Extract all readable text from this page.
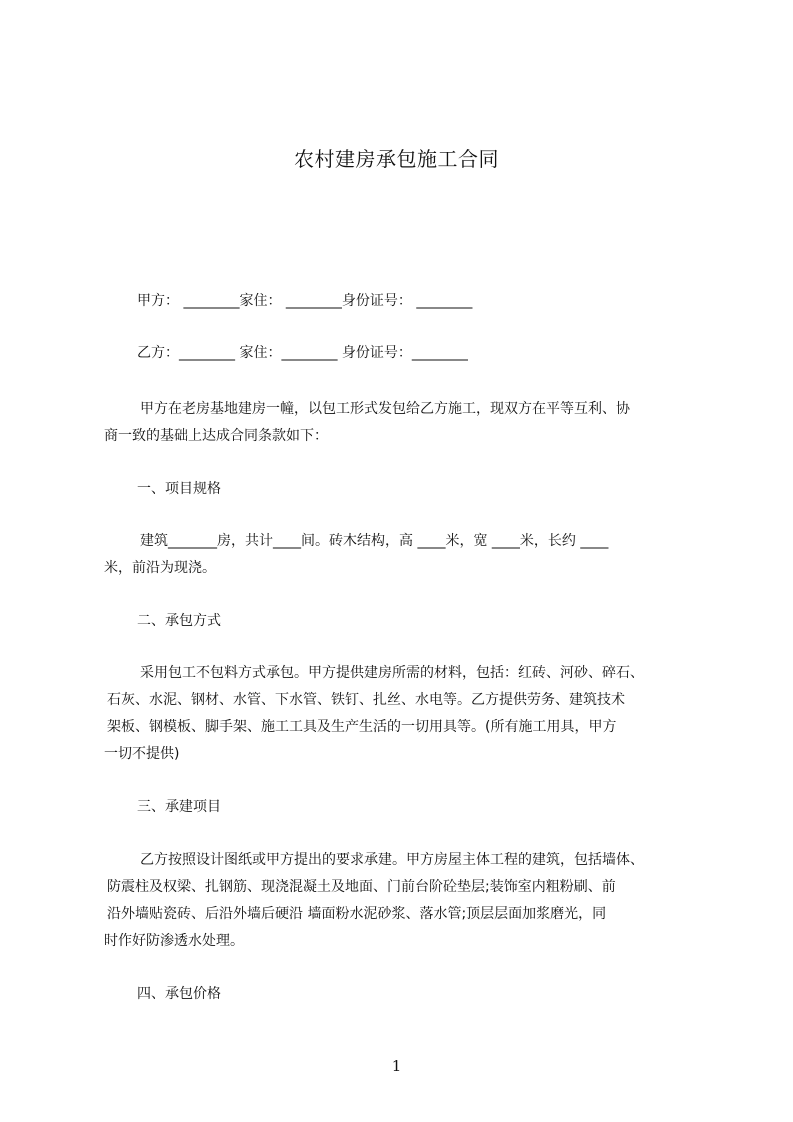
农村建房承包施工合同
甲方： ________家住： ________身份证号： ________
乙方：________ 家住：________ 身份证号：________
甲方在老房基地建房一幢，以包工形式发包给乙方施工，现双方在平等互利、协
商一致的基础上达成合同条款如下：
一、项目规格
建筑_______房，共计____间。砖木结构，高 ____米，宽 ____米，长约 ____
米，前沿为现浇。
二、承包方式
采用包工不包料方式承包。甲方提供建房所需的材料，包括：红砖、河砂、碎石、
石灰、水泥、钢材、水管、下水管、铁钉、扎丝、水电等。乙方提供劳务、建筑技术
架板、钢模板、脚手架、施工工具及生产生活的一切用具等。(所有施工用具，甲方
一切不提供)
三、承建项目
乙方按照设计图纸或甲方提出的要求承建。甲方房屋主体工程的建筑，包括墙体、
防震柱及权梁、扎钢筋、现浇混凝土及地面、门前台阶砼垫层;装饰室内粗粉刷、前
沿外墙贴瓷砖、后沿外墙后硬沿 墙面粉水泥砂浆、落水管;顶层层面加浆磨光，同
时作好防渗透水处理。
四、承包价格
1
